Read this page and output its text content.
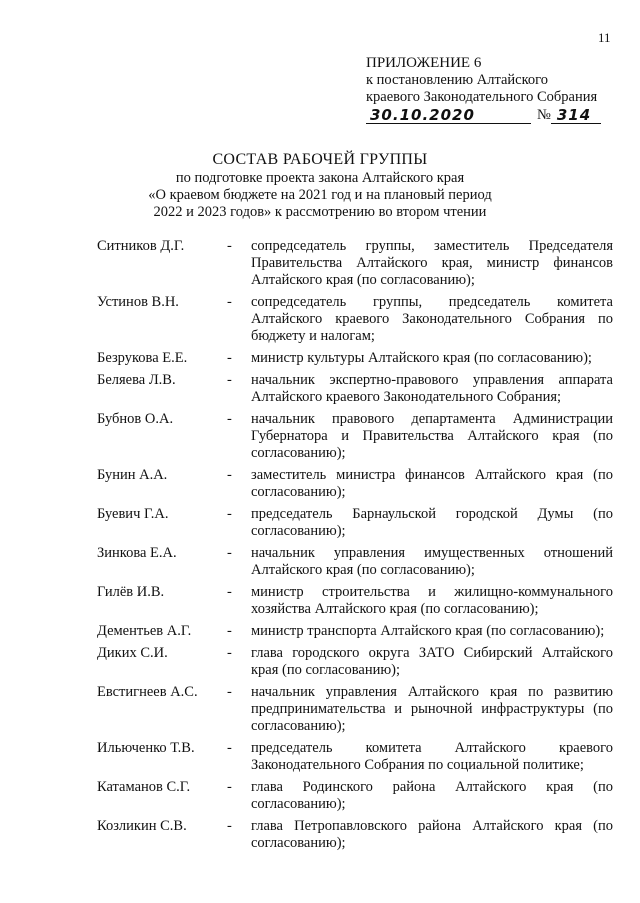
11
ПРИЛОЖЕНИЕ 6
к постановлению Алтайского
краевого Законодательного Собрания
30.10.2020	№ 314
СОСТАВ РАБОЧЕЙ ГРУППЫ
по подготовке проекта закона Алтайского края
«О краевом бюджете на 2021 год и на плановый период
2022 и 2023 годов» к рассмотрению во втором чтении
Ситников Д.Г.	-	сопредседатель группы, заместитель Председателя Правительства Алтайского края, министр финансов Алтайского края (по согласованию);
Устинов В.Н.	-	сопредседатель группы, председатель комитета Алтайского краевого Законодательного Собрания по бюджету и налогам;
Безрукова Е.Е.	-	министр культуры Алтайского края (по согласованию);
Беляева Л.В.	-	начальник экспертно-правового управления аппарата Алтайского краевого Законодательного Собрания;
Бубнов О.А.	-	начальник правового департамента Администрации Губернатора и Правительства Алтайского края (по согласованию);
Бунин А.А.	-	заместитель министра финансов Алтайского края (по согласованию);
Буевич Г.А.	-	председатель Барнаульской городской Думы (по согласованию);
Зинкова Е.А.	-	начальник управления имущественных отношений Алтайского края (по согласованию);
Гилёв И.В.	-	министр строительства и жилищно-коммунального хозяйства Алтайского края (по согласованию);
Дементьев А.Г.	-	министр транспорта Алтайского края (по согласованию);
Диких С.И.	-	глава городского округа ЗАТО Сибирский Алтайского края (по согласованию);
Евстигнеев А.С.	-	начальник управления Алтайского края по развитию предпринимательства и рыночной инфраструктуры (по согласованию);
Ильюченко Т.В.	-	председатель комитета Алтайского краевого Законодательного Собрания по социальной политике;
Катаманов С.Г.	-	глава Родинского района Алтайского края (по согласованию);
Козликин С.В.	-	глава Петропавловского района Алтайского края (по согласованию);
